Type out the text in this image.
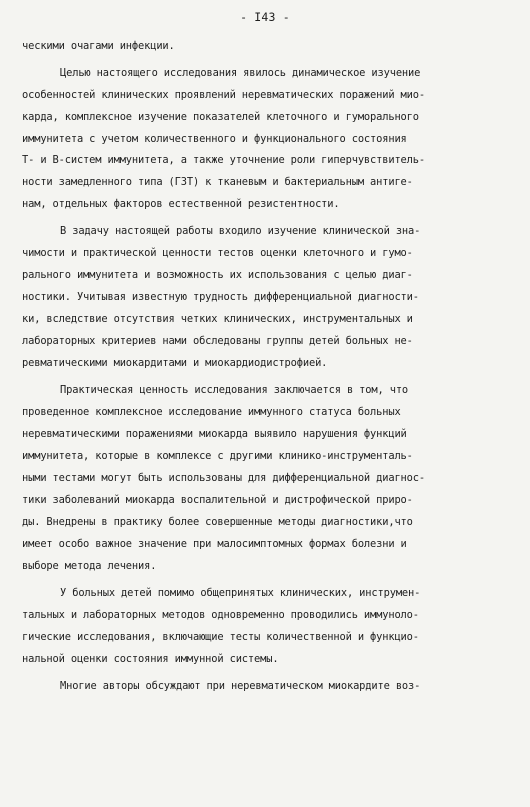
- I43 -
ческими очагами инфекции.
Целью настоящего исследования явилось динамическое изучение
особенностей клинических проявлений неревматических поражений мио-
карда, комплексное изучение показателей клеточного и гуморального
иммунитета с учетом количественного и функционального состояния
Т- и В-систем иммунитета, а также уточнение роли гиперчувствитель-
ности замедленного типа (ГЗТ) к тканевым и бактериальным антиге-
нам, отдельных факторов естественной резистентности.
В задачу настоящей работы входило изучение клинической зна-
чимости и практической ценности тестов оценки клеточного и гумо-
рального иммунитета и возможность их использования с целью диаг-
ностики. Учитывая известную трудность дифференциальной диагности-
ки, вследствие отсутствия четких клинических, инструментальных и
лабораторных критериев нами обследованы группы детей больных не-
ревматическими миокардитами и миокардиодистрофией.
Практическая ценность исследования заключается в том, что
проведенное комплексное исследование иммунного статуса больных
неревматическими поражениями миокарда выявило нарушения функций
иммунитета, которые в комплексе с другими клинико-инструменталь-
ными тестами могут быть использованы для дифференциальной диагнос-
тики заболеваний миокарда воспалительной и дистрофической приро-
ды. Внедрены в практику более совершенные методы диагностики,что
имеет особо важное значение при малосимптомных формах болезни и
выборе метода лечения.
У больных детей помимо общепринятых клинических, инструмен-
тальных и лабораторных методов одновременно проводились иммуноло-
гические исследования, включающие тесты количественной и функцио-
нальной оценки состояния иммунной системы.
Многие авторы обсуждают при неревматическом миокардите воз-
